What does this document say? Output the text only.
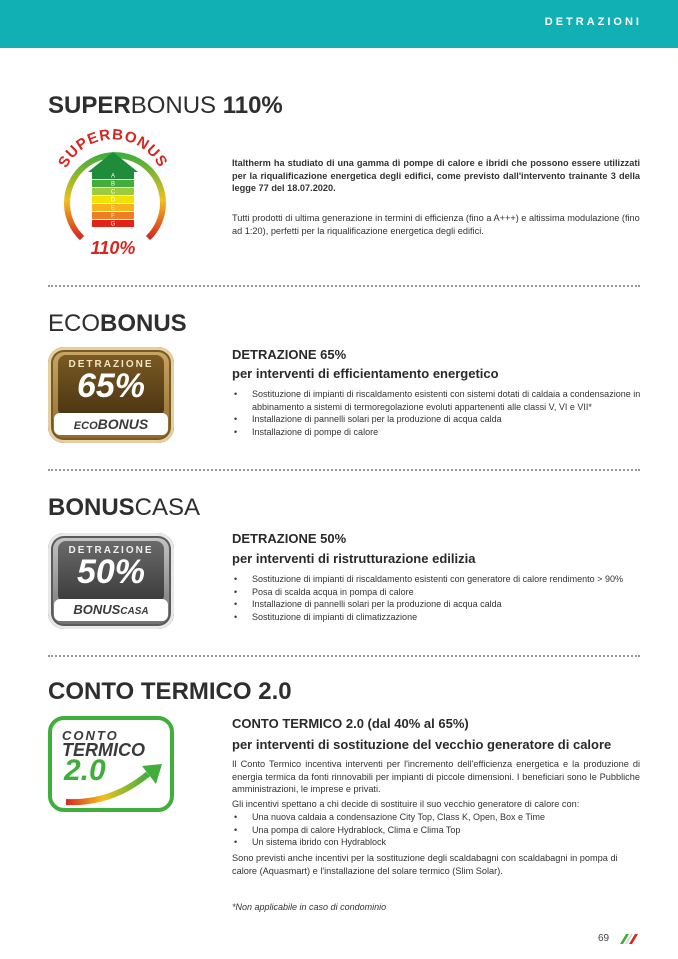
DETRAZIONI
SUPERBONUS 110%
SUPERBONUS
A
B
C
D
E
F
G
110%
Italtherm ha studiato di una gamma di pompe di calore e ibridi che possono essere utilizzati per la riqualificazione energetica degli edifici, come previsto dall'intervento trainante 3 della legge 77 del 18.07.2020.
Tutti prodotti di ultima generazione in termini di efficienza (fino a A+++) e altissima modulazione (fino ad 1:20), perfetti per la riqualificazione energetica degli edifici.
ECOBONUS
DETRAZIONE
65%
ECOBONUS
DETRAZIONE 65%
per interventi di efficientamento energetico
• Sostituzione di impianti di riscaldamento esistenti con sistemi dotati di caldaia a condensazione in abbinamento a sistemi di termoregolazione evoluti appartenenti alle classi V, VI e VII*
• Installazione di pannelli solari per la produzione di acqua calda
• Installazione di pompe di calore
BONUSCASA
DETRAZIONE
50%
BONUSCASA
DETRAZIONE 50%
per interventi di ristrutturazione edilizia
• Sostituzione di impianti di riscaldamento esistenti con generatore di calore rendimento > 90%
• Posa di scalda acqua in pompa di calore
• Installazione di pannelli solari per la produzione di acqua calda
• Sostituzione di impianti di climatizzazione
CONTO TERMICO 2.0
CONTO
TERMICO
2.0
CONTO TERMICO 2.0 (dal 40% al 65%)
per interventi di sostituzione del vecchio generatore di calore
Il Conto Termico incentiva interventi per l'incremento dell'efficienza energetica e la produzione di energia termica da fonti rinnovabili per impianti di piccole dimensioni. I beneficiari sono le Pubbliche amministrazioni, le imprese e privati.
Gli incentivi spettano a chi decide di sostituire il suo vecchio generatore di calore con:
• Una nuova caldaia a condensazione City Top, Class K, Open, Box e Time
• Una pompa di calore Hydrablock, Clima e Clima Top
• Un sistema ibrido con Hydrablock
Sono previsti anche incentivi per la sostituzione degli scaldabagni con scaldabagni in pompa di calore (Aquasmart) e l'installazione del solare termico (Slim Solar).
*Non applicabile in caso di condominio
69
